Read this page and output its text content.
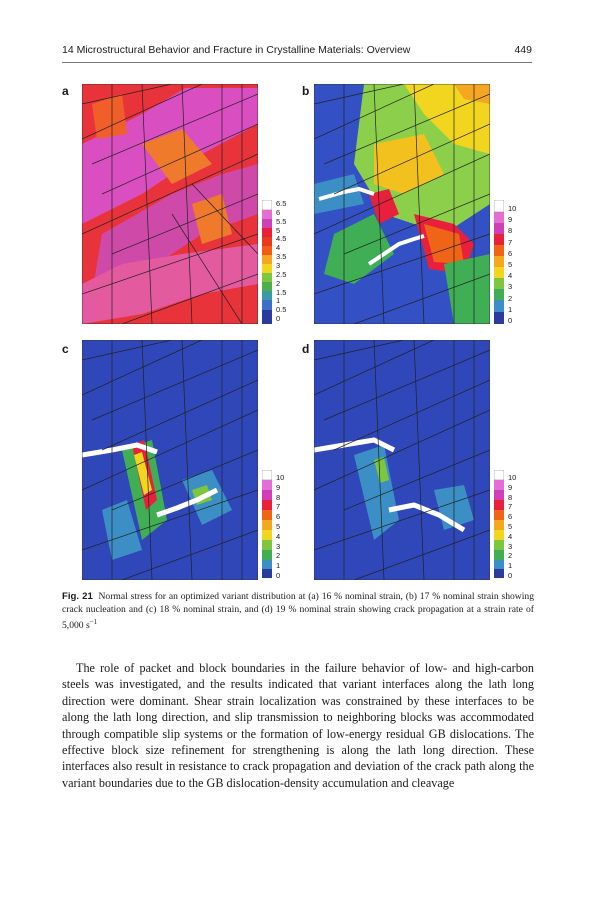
14 Microstructural Behavior and Fracture in Crystalline Materials: Overview	449
a
6.5
6
5.5
5
4.5
4
3.5
3
2.5
2
1.5
1
0.5
0
b
10
9
8
7
6
5
4
3
2
1
0
c
10
9
8
7
6
5
4
3
2
1
0
d
10
9
8
7
6
5
4
3
2
1
0
Fig. 21 Normal stress for an optimized variant distribution at (a) 16 % nominal strain, (b) 17 % nominal strain showing crack nucleation and (c) 18 % nominal strain, and (d) 19 % nominal strain showing crack propagation at a strain rate of 5,000 $s^{-1}$
The role of packet and block boundaries in the failure behavior of low- and high-carbon steels was investigated, and the results indicated that variant interfaces along the lath long direction were dominant. Shear strain localization was constrained by these interfaces to be along the lath long direction, and slip transmission to neighboring blocks was accommodated through compatible slip systems or the formation of low-energy residual GB dislocations. The effective block size refinement for strengthening is along the lath long direction. These interfaces also result in resistance to crack propagation and deviation of the crack path along the variant boundaries due to the GB dislocation-density accumulation and cleavage
